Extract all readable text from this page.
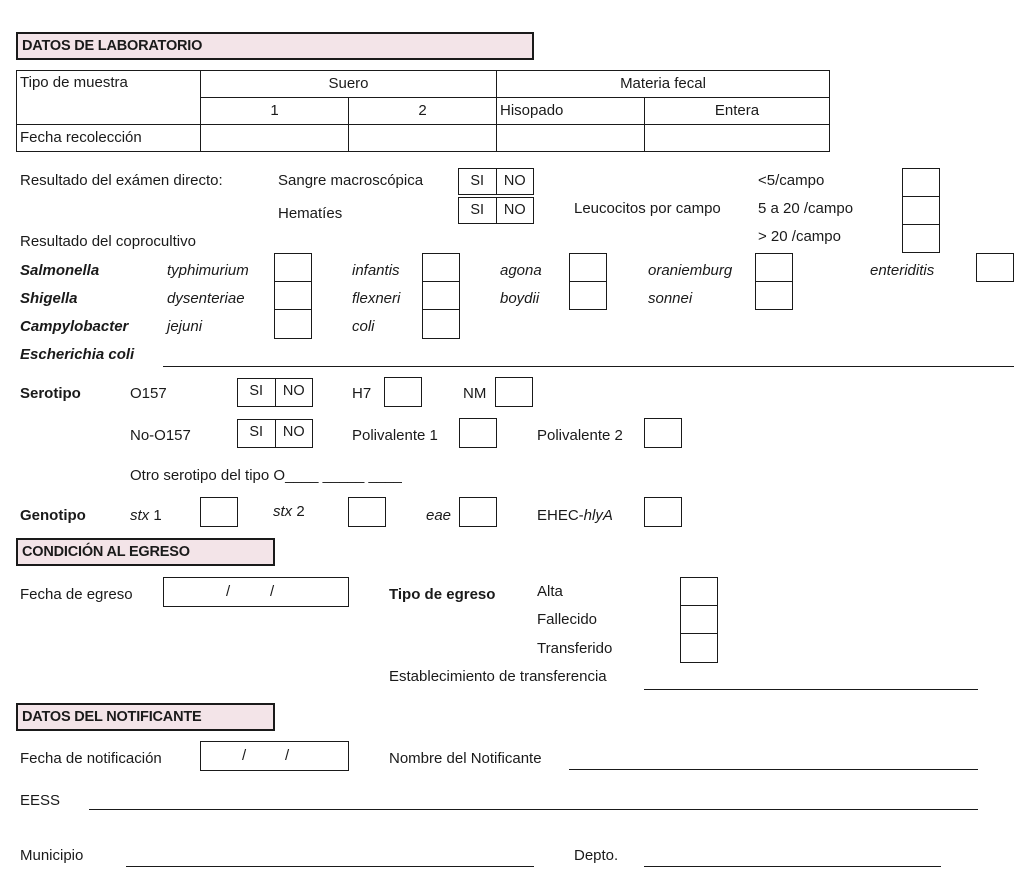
DATOS DE LABORATORIO
Tipo de muestra	Suero		Materia fecal	
	1	2	Hisopado	Entera
Fecha recolección				
Resultado del exámen directo:	Sangre macroscópica	SI	NO
Hematíes	SI	NO	Leucocitos por campo
<5/campo
5 a 20 /campo
> 20 /campo
Resultado del coprocultivo
Salmonella	typhimurium	infantis	agona	oraniemburg	enteriditis
Shigella	dysenteriae	flexneri	boydii	sonnei
Campylobacter	jejuni	coli
Escherichia coli
Serotipo	O157	SI	NO	H7	NM
No-O157	SI	NO	Polivalente 1	Polivalente 2
Otro serotipo del tipo O____ _____ ____
Genotipo	stx 1	stx 2	eae	EHEC-hlyA
CONDICIÓN AL EGRESO
Fecha de egreso	/	/	Tipo de egreso	Alta
Fallecido
Transferido
Establecimiento de transferencia
DATOS DEL NOTIFICANTE
Fecha de notificación	/	/	Nombre del Notificante
EESS
Municipio	Depto.
